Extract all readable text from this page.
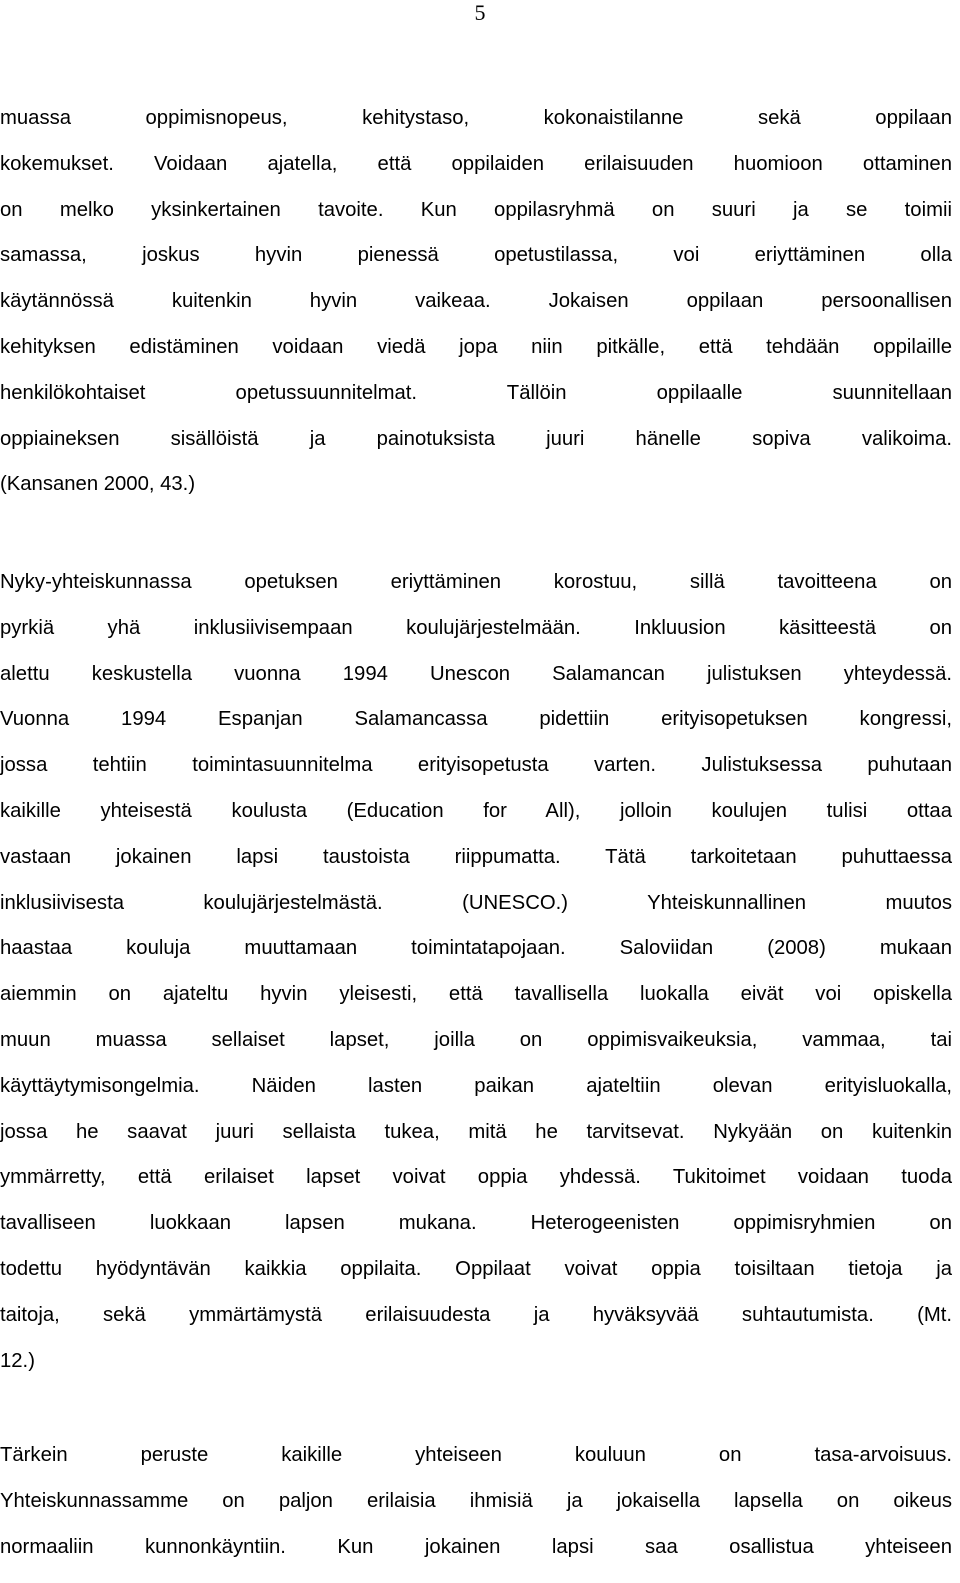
5
muassa oppimisnopeus, kehitystaso, kokonaistilanne sekä oppilaan
kokemukset. Voidaan ajatella, että oppilaiden erilaisuuden huomioon ottaminen
on melko yksinkertainen tavoite. Kun oppilasryhmä on suuri ja se toimii
samassa, joskus hyvin pienessä opetustilassa, voi eriyttäminen olla
käytännössä kuitenkin hyvin vaikeaa. Jokaisen oppilaan persoonallisen
kehityksen edistäminen voidaan viedä jopa niin pitkälle, että tehdään oppilaille
henkilökohtaiset opetussuunnitelmat. Tällöin oppilaalle suunnitellaan
oppiaineksen sisällöistä ja painotuksista juuri hänelle sopiva valikoima.
(Kansanen 2000, 43.)
Nyky-yhteiskunnassa opetuksen eriyttäminen korostuu, sillä tavoitteena on
pyrkiä yhä inklusiivisempaan koulujärjestelmään. Inkluusion käsitteestä on
alettu keskustella vuonna 1994 Unescon Salamancan julistuksen yhteydessä.
Vuonna 1994 Espanjan Salamancassa pidettiin erityisopetuksen kongressi,
jossa tehtiin toimintasuunnitelma erityisopetusta varten. Julistuksessa puhutaan
kaikille yhteisestä koulusta (Education for All), jolloin koulujen tulisi ottaa
vastaan jokainen lapsi taustoista riippumatta. Tätä tarkoitetaan puhuttaessa
inklusiivisesta koulujärjestelmästä. (UNESCO.) Yhteiskunnallinen muutos
haastaa kouluja muuttamaan toimintatapojaan. Saloviidan (2008) mukaan
aiemmin on ajateltu hyvin yleisesti, että tavallisella luokalla eivät voi opiskella
muun muassa sellaiset lapset, joilla on oppimisvaikeuksia, vammaa, tai
käyttäytymisongelmia. Näiden lasten paikan ajateltiin olevan erityisluokalla,
jossa he saavat juuri sellaista tukea, mitä he tarvitsevat. Nykyään on kuitenkin
ymmärretty, että erilaiset lapset voivat oppia yhdessä. Tukitoimet voidaan tuoda
tavalliseen luokkaan lapsen mukana. Heterogeenisten oppimisryhmien on
todettu hyödyntävän kaikkia oppilaita. Oppilaat voivat oppia toisiltaan tietoja ja
taitoja, sekä ymmärtämystä erilaisuudesta ja hyväksyvää suhtautumista. (Mt.
12.)
Tärkein peruste kaikille yhteiseen kouluun on tasa-arvoisuus.
Yhteiskunnassamme on paljon erilaisia ihmisiä ja jokaisella lapsella on oikeus
normaaliin kunnonkäyntiin. Kun jokainen lapsi saa osallistua yhteiseen
